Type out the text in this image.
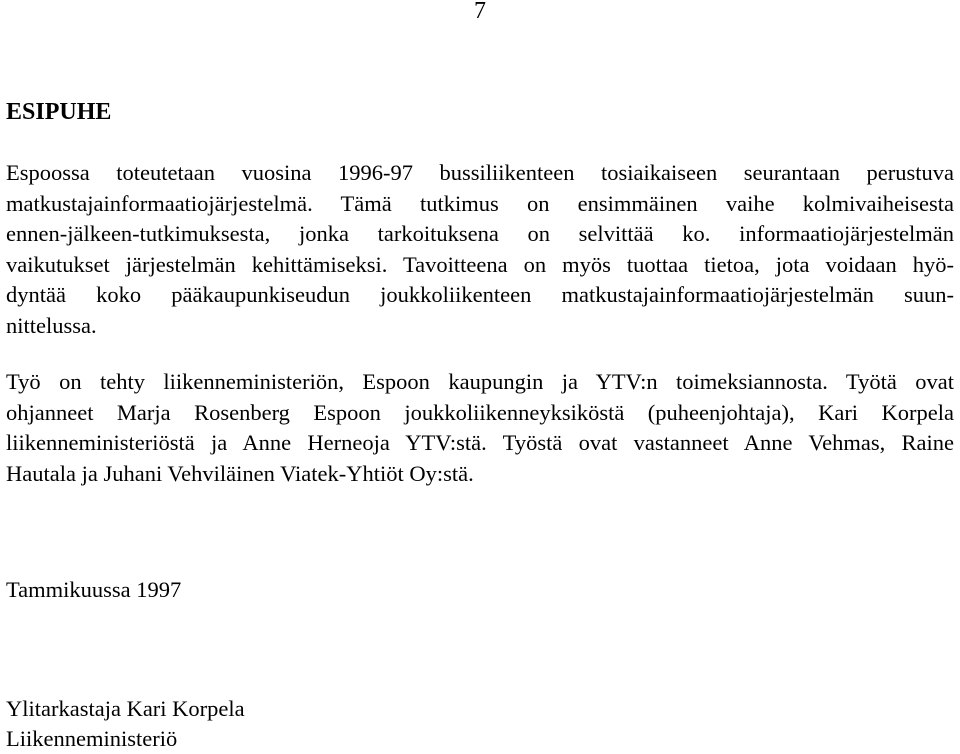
7
ESIPUHE

Espoossa toteutetaan vuosina 1996-97 bussiliikenteen tosiaikaiseen seurantaan perustuva
matkustajainformaatiojärjestelmä. Tämä tutkimus on ensimmäinen vaihe kolmivaiheisesta
ennen-jälkeen-tutkimuksesta, jonka tarkoituksena on selvittää ko. informaatiojärjestelmän
vaikutukset järjestelmän kehittämiseksi. Tavoitteena on myös tuottaa tietoa, jota voidaan hyö-
dyntää koko pääkaupunkiseudun joukkoliikenteen matkustajainformaatiojärjestelmän suun-
nittelussa.

Työ on tehty liikenneministeriön, Espoon kaupungin ja YTV:n toimeksiannosta. Työtä ovat
ohjanneet Marja Rosenberg Espoon joukkoliikenneyksiköstä (puheenjohtaja), Kari Korpela
liikenneministeriöstä ja Anne Herneoja YTV:stä. Työstä ovat vastanneet Anne Vehmas, Raine
Hautala ja Juhani Vehviläinen Viatek-Yhtiöt Oy:stä.

Tammikuussa 1997
Ylitarkastaja Kari Korpela
Liikenneministeriö
